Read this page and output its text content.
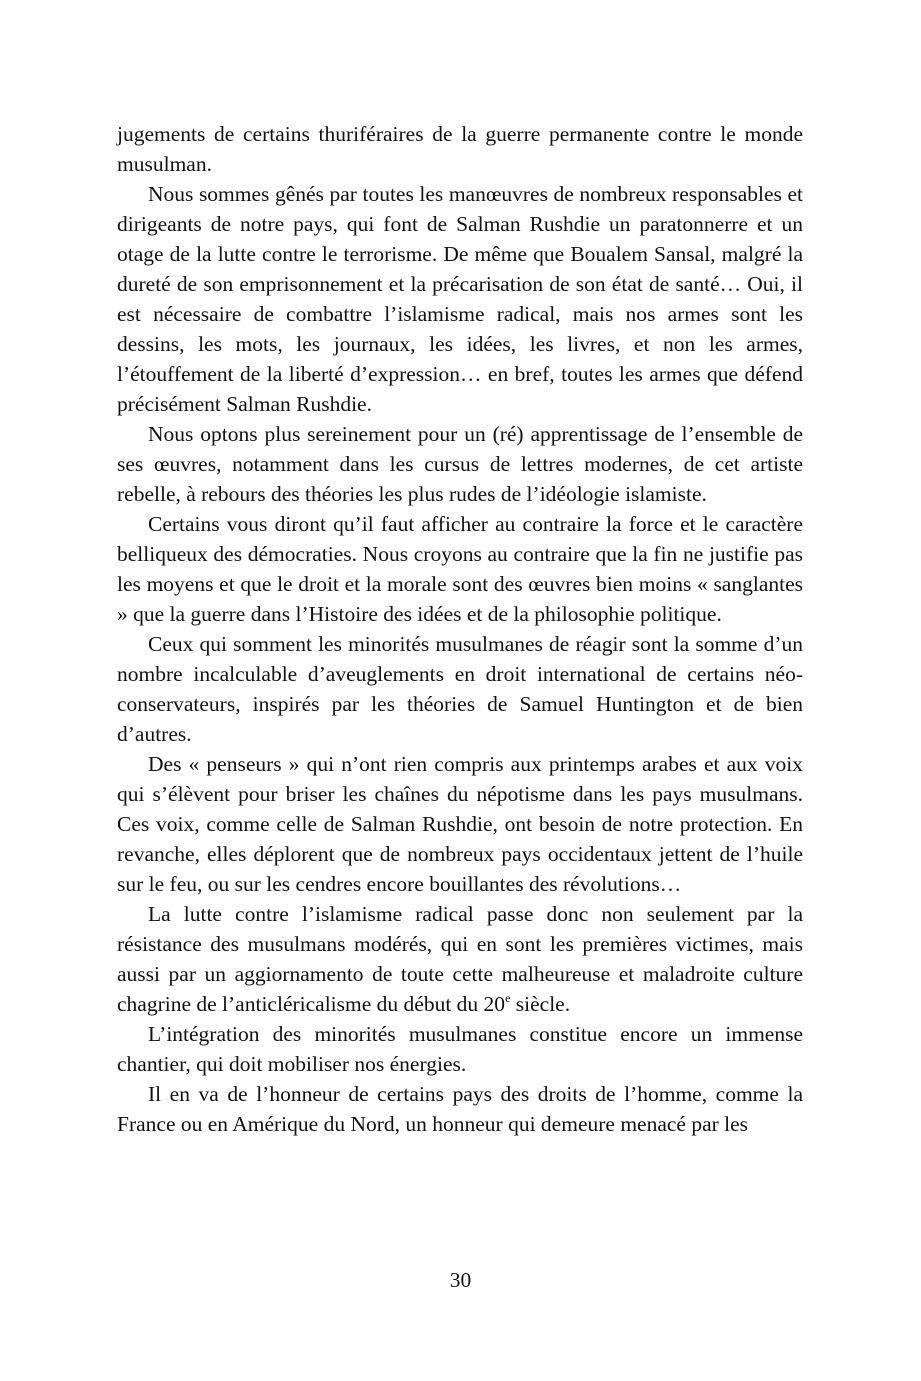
jugements de certains thuriféraires de la guerre permanente contre le monde musulman.

Nous sommes gênés par toutes les manœuvres de nombreux responsables et dirigeants de notre pays, qui font de Salman Rushdie un paratonnerre et un otage de la lutte contre le terrorisme. De même que Boualem Sansal, malgré la dureté de son emprisonnement et la précarisation de son état de santé… Oui, il est nécessaire de combattre l’islamisme radical, mais nos armes sont les dessins, les mots, les journaux, les idées, les livres, et non les armes, l’étouffement de la liberté d’expression… en bref, toutes les armes que défend précisément Salman Rushdie.

Nous optons plus sereinement pour un (ré) apprentissage de l’ensemble de ses œuvres, notamment dans les cursus de lettres modernes, de cet artiste rebelle, à rebours des théories les plus rudes de l’idéologie islamiste.

Certains vous diront qu’il faut afficher au contraire la force et le caractère belliqueux des démocraties. Nous croyons au contraire que la fin ne justifie pas les moyens et que le droit et la morale sont des œuvres bien moins « sanglantes » que la guerre dans l’Histoire des idées et de la philosophie politique.

Ceux qui somment les minorités musulmanes de réagir sont la somme d’un nombre incalculable d’aveuglements en droit international de certains néo-conservateurs, inspirés par les théories de Samuel Huntington et de bien d’autres.

Des « penseurs » qui n’ont rien compris aux printemps arabes et aux voix qui s’élèvent pour briser les chaînes du népotisme dans les pays musulmans. Ces voix, comme celle de Salman Rushdie, ont besoin de notre protection. En revanche, elles déplorent que de nombreux pays occidentaux jettent de l’huile sur le feu, ou sur les cendres encore bouillantes des révolutions…

La lutte contre l’islamisme radical passe donc non seulement par la résistance des musulmans modérés, qui en sont les premières victimes, mais aussi par un aggiornamento de toute cette malheureuse et maladroite culture chagrine de l’anticléricalisme du début du 20e siècle.

L’intégration des minorités musulmanes constitue encore un immense chantier, qui doit mobiliser nos énergies.

Il en va de l’honneur de certains pays des droits de l’homme, comme la France ou en Amérique du Nord, un honneur qui demeure menacé par les

30
